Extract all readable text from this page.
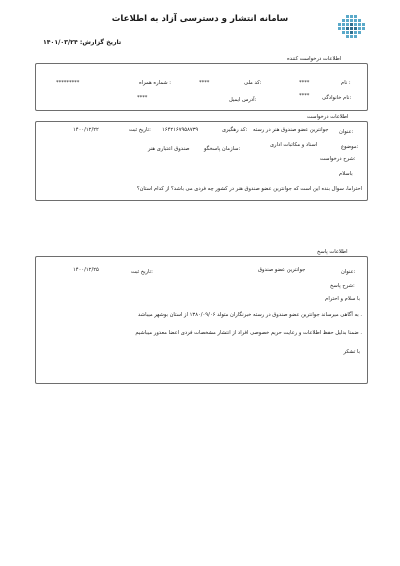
سامانه انتشار و دسترسی آزاد به اطلاعات
تاریخ گزارش: ۱۴۰۱/۰۳/۲۴
اطلاعات درخواست کننده
نام :
****
کد ملی:
****
شماره همراه :
*********
نام خانوادگی:
****
آدرس ایمیل:
****
اطلاعات درخواست
عنوان:
جوانترین عضو صندوق هنر در رسته
کد رهگیری:
۱۶۴۲۱۶۷۹۵۸۷۳۹
تاریخ ثبت:
۱۴۰۰/۱۲/۲۲
موضوع:
اسناد و مکاتبات اداری
سازمان پاسخگو:
صندوق اعتباری هنر
شرح درخواست:
باسلام
احتراما، سوال بنده این است که جوانترین عضو صندوق هنر در کشور چه فردی می باشد؟ از کدام استان؟
اطلاعات پاسخ
عنوان:
جوانترین عضو صندوق
تاریخ ثبت:
۱۴۰۰/۱۲/۲۵
شرح پاسخ:
با سلام و احترام
. به آگاهی میرساند جوانترین عضو صندوق در رسته خبرنگاران متولد ۱۳۸۰/۰۹/۰۶ از استان بوشهر میباشد
. ضمنا بدلیل حفظ اطلاعات و رعایت حریم خصوصی افراد از انتشار مشخصات فردی اعضا معذور میباشیم
با تشکر
